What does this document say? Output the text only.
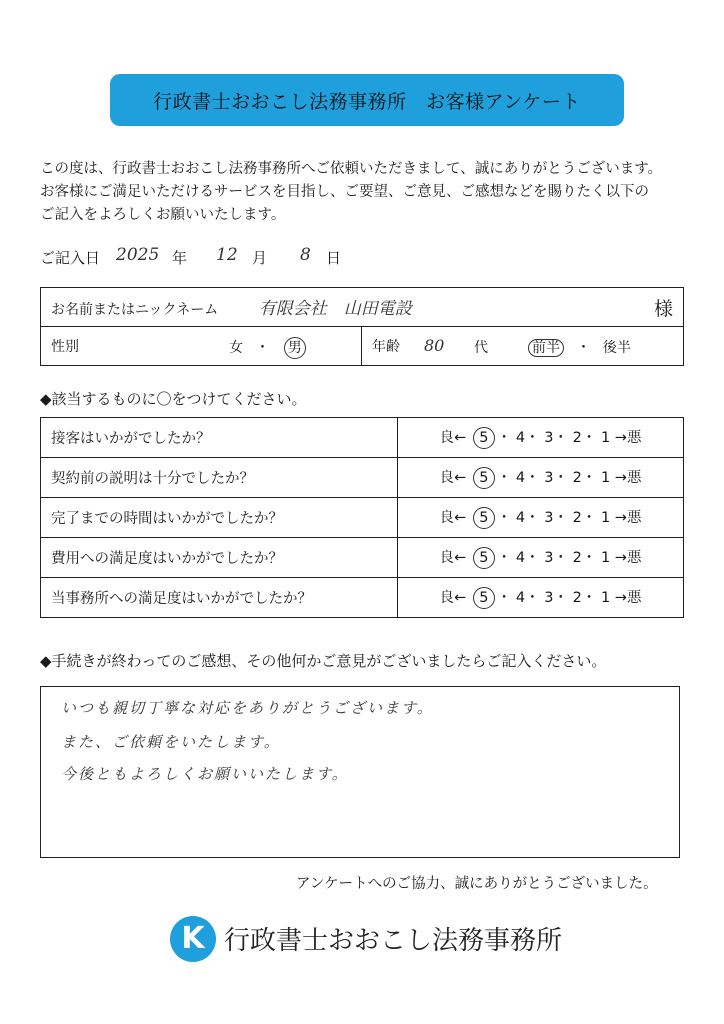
行政書士おおこし法務事務所　お客様アンケート
この度は、行政書士おおこし法務事務所へご依頼いただきまして、誠にありがとうございます。
お客様にご満足いただけるサービスを目指し、ご要望、ご意見、ご感想などを賜りたく以下の
ご記入をよろしくお願いいたします。
ご記入日 2025 年 12 月 8 日
お名前またはニックネーム 有限会社　山田電設	様

性別	女 ・ 男	年齢 80 代	前半 ・ 後半
◆該当するものに〇をつけてください。
接客はいかがでしたか？	良← 5 ・ 4・ 3・ 2・ 1 →悪
契約前の説明は十分でしたか？	良← 5 ・ 4・ 3・ 2・ 1 →悪
完了までの時間はいかがでしたか？	良← 5 ・ 4・ 3・ 2・ 1 →悪
費用への満足度はいかがでしたか？	良← 5 ・ 4・ 3・ 2・ 1 →悪
当事務所への満足度はいかがでしたか？	良← 5 ・ 4・ 3・ 2・ 1 →悪
◆手続きが終わってのご感想、その他何かご意見がございましたらご記入ください。
いつも親切丁寧な対応をありがとうございます。
また、ご依頼をいたします。
今後ともよろしくお願いいたします。
アンケートへのご協力、誠にありがとうございました。
K 行政書士おおこし法務事務所
